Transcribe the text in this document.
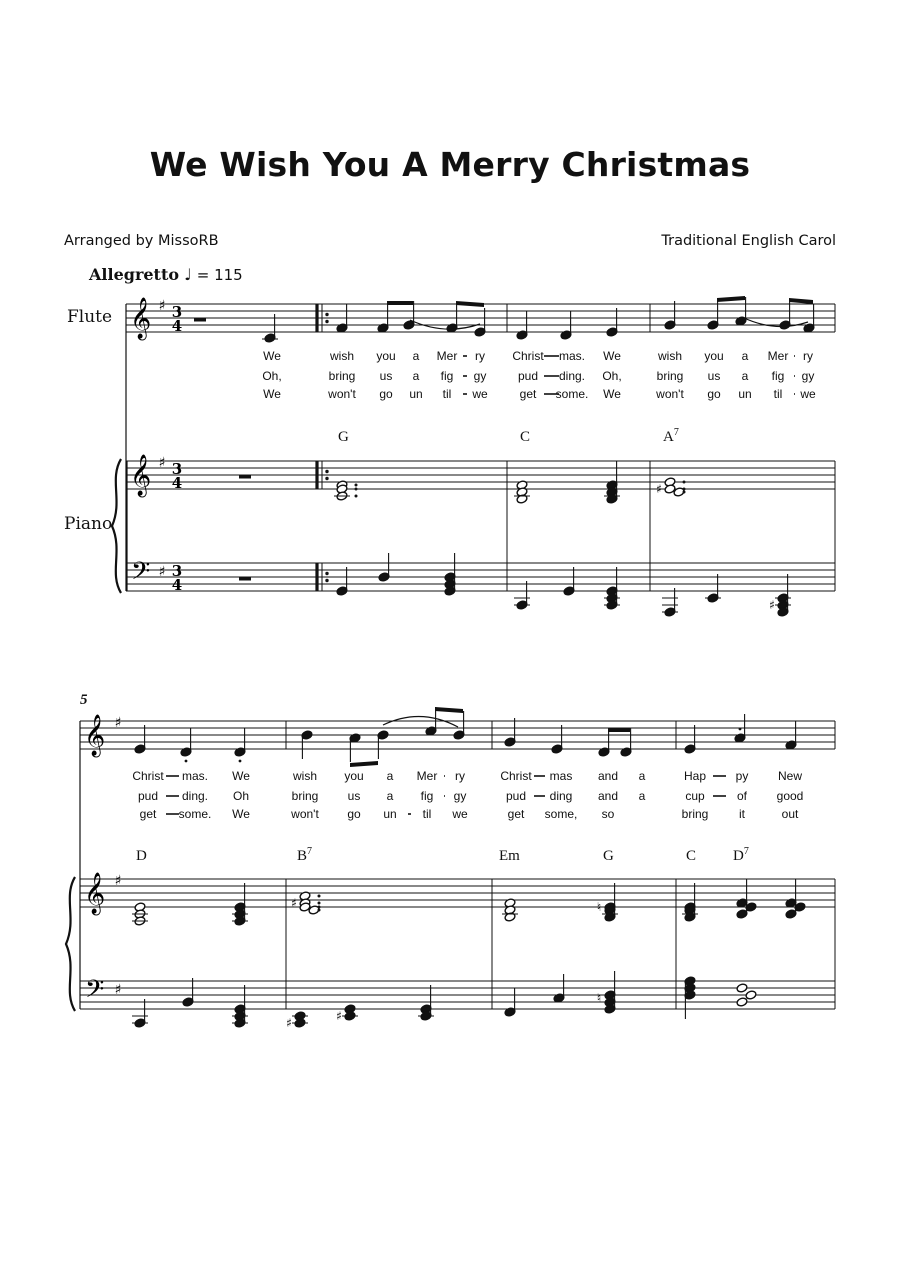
We Wish You A Merry Christmas
Arranged by MissoRB	Traditional English Carol
Allegretto ♩ = 115
Flute
Piano
𝄞
𝄞
𝄢
♯
♯
♯
3
4
3
4
3
4
𝄞
𝄞
𝄢
♯
♯
♯
♯
♯
♯	♮
♯	♯
♮
5
We	wish you a Mer ry Christ mas. We	wish you a Mer ry
Oh,	bring us a fig gy	pud ding. Oh,	bring us a fig gy
We	won't go un til we	get some. We	won't go un til we
Christ mas. We	wish you a Mer ry	Christ mas and a	Hap py New
pud ding. Oh	bring us a fig gy	pud ding and a	cup	of good
get some. We	won't go un til we	get some, so	bring	it	out
G	C	$A^7$
D	$B^7$	Em	G	C $D^7$
